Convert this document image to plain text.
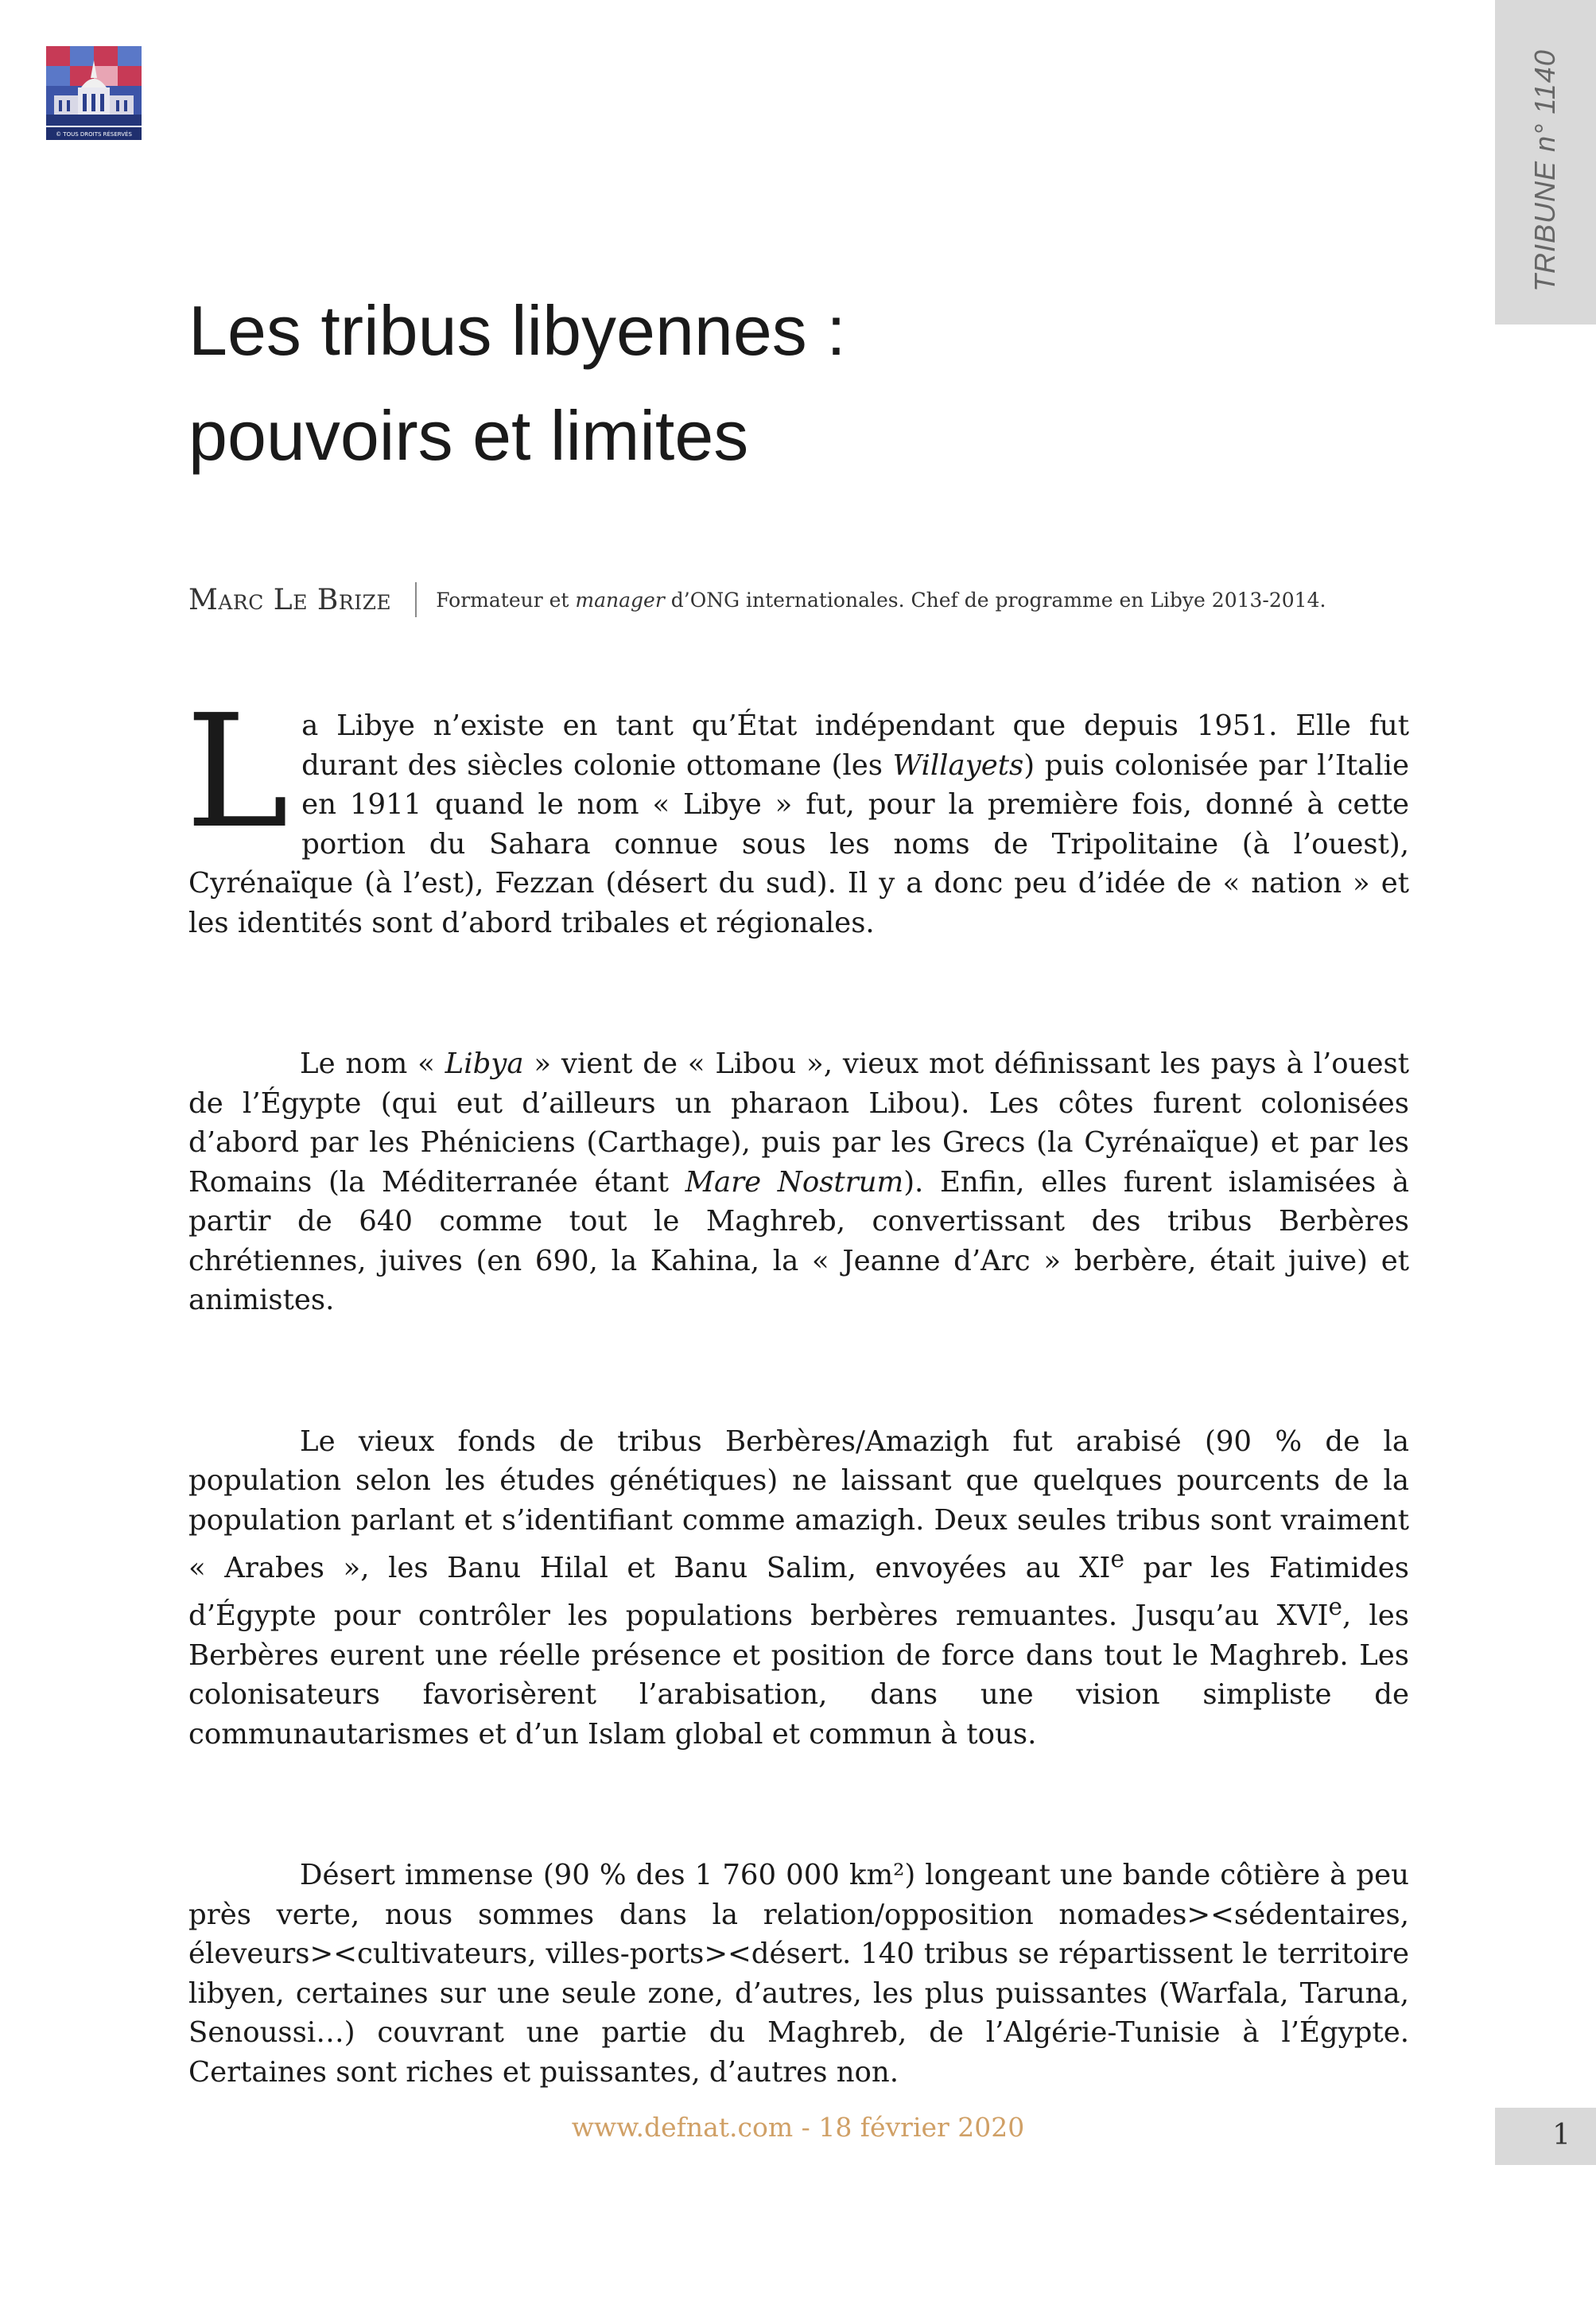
© TOUS DROITS RÉSERVÉS	TRIBUNE n° 1140
Les tribus libyennes :
pouvoirs et limites
Marc Le Brize Formateur et manager d’ONG internationales. Chef de programme en Libye 2013-2014.

La Libye n’existe en tant qu’État indépendant que depuis 1951. Elle fut durant des siècles colonie ottomane (les Willayets) puis colonisée par l’Italie en 1911 quand le nom « Libye » fut, pour la première fois, donné à cette portion du Sahara connue sous les noms de Tripolitaine (à l’ouest), Cyrénaïque (à l’est), Fezzan (désert du sud). Il y a donc peu d’idée de « nation » et les identités sont d’abord tribales et régionales.

Le nom « Libya » vient de « Libou », vieux mot définissant les pays à l’ouest de l’Égypte (qui eut d’ailleurs un pharaon Libou). Les côtes furent colonisées d’abord par les Phéniciens (Carthage), puis par les Grecs (la Cyrénaïque) et par les Romains (la Méditerranée étant Mare Nostrum). Enfin, elles furent islamisées à partir de 640 comme tout le Maghreb, convertissant des tribus Berbères chrétiennes, juives (en 690, la Kahina, la « Jeanne d’Arc » berbère, était juive) et animistes.

Le vieux fonds de tribus Berbères/Amazigh fut arabisé (90 % de la population selon les études génétiques) ne laissant que quelques pourcents de la population parlant et s’identifiant comme amazigh. Deux seules tribus sont vraiment « Arabes », les Banu Hilal et Banu Salim, envoyées au XIe par les Fatimides d’Égypte pour contrôler les populations berbères remuantes. Jusqu’au XVIe, les Berbères eurent une réelle présence et position de force dans tout le Maghreb. Les colonisateurs favorisèrent l’arabisation, dans une vision simpliste de communautarismes et d’un Islam global et commun à tous.

Désert immense (90 % des 1 760 000 km²) longeant une bande côtière à peu près verte, nous sommes dans la relation/opposition nomades><sédentaires, éleveurs><cultivateurs, villes-ports><désert. 140 tribus se répartissent le territoire libyen, certaines sur une seule zone, d’autres, les plus puissantes (Warfala, Taruna, Senoussi…) couvrant une partie du Maghreb, de l’Algérie-Tunisie à l’Égypte. Certaines sont riches et puissantes, d’autres non.

www.defnat.com - 18 février 2020	1
